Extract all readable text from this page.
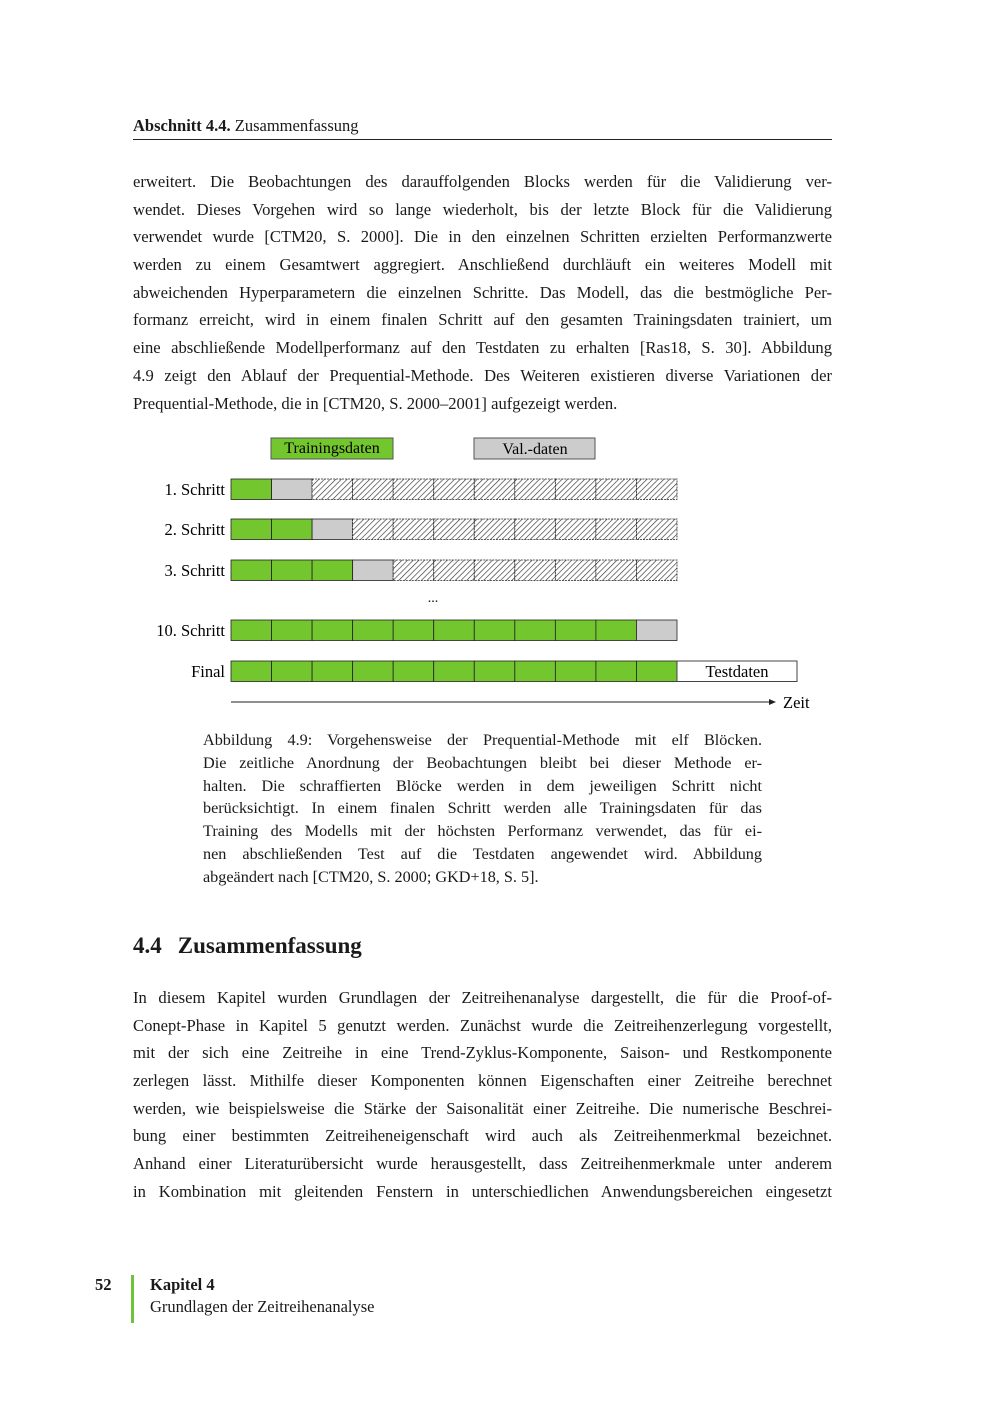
Abschnitt 4.4. Zusammenfassung
erweitert. Die Beobachtungen des darauffolgenden Blocks werden für die Validierung ver-
wendet. Dieses Vorgehen wird so lange wiederholt, bis der letzte Block für die Validierung
verwendet wurde [CTM20, S. 2000]. Die in den einzelnen Schritten erzielten Performanzwerte
werden zu einem Gesamtwert aggregiert. Anschließend durchläuft ein weiteres Modell mit
abweichenden Hyperparametern die einzelnen Schritte. Das Modell, das die bestmögliche Per-
formanz erreicht, wird in einem finalen Schritt auf den gesamten Trainingsdaten trainiert, um
eine abschließende Modellperformanz auf den Testdaten zu erhalten [Ras18, S. 30]. Abbildung
4.9 zeigt den Ablauf der Prequential-Methode. Des Weiteren existieren diverse Variationen der
Prequential-Methode, die in [CTM20, S. 2000–2001] aufgezeigt werden.
Trainingsdaten	Val.-daten
1. Schritt
2. Schritt
3. Schritt
10. Schritt
Final	Testdaten
Zeit
...
Abbildung 4.9: Vorgehensweise der Prequential-Methode mit elf Blöcken.
Die zeitliche Anordnung der Beobachtungen bleibt bei dieser Methode er-
halten. Die schraffierten Blöcke werden in dem jeweiligen Schritt nicht
berücksichtigt. In einem finalen Schritt werden alle Trainingsdaten für das
Training des Modells mit der höchsten Performanz verwendet, das für ei-
nen abschließenden Test auf die Testdaten angewendet wird. Abbildung
abgeändert nach [CTM20, S. 2000; GKD+18, S. 5].
4.4 Zusammenfassung
In diesem Kapitel wurden Grundlagen der Zeitreihenanalyse dargestellt, die für die Proof-of-
Conept-Phase in Kapitel 5 genutzt werden. Zunächst wurde die Zeitreihenzerlegung vorgestellt,
mit der sich eine Zeitreihe in eine Trend-Zyklus-Komponente, Saison- und Restkomponente
zerlegen lässt. Mithilfe dieser Komponenten können Eigenschaften einer Zeitreihe berechnet
werden, wie beispielsweise die Stärke der Saisonalität einer Zeitreihe. Die numerische Beschrei-
bung einer bestimmten Zeitreiheneigenschaft wird auch als Zeitreihenmerkmal bezeichnet.
Anhand einer Literaturübersicht wurde herausgestellt, dass Zeitreihenmerkmale unter anderem
in Kombination mit gleitenden Fenstern in unterschiedlichen Anwendungsbereichen eingesetzt
52 Kapitel 4
Grundlagen der Zeitreihenanalyse
